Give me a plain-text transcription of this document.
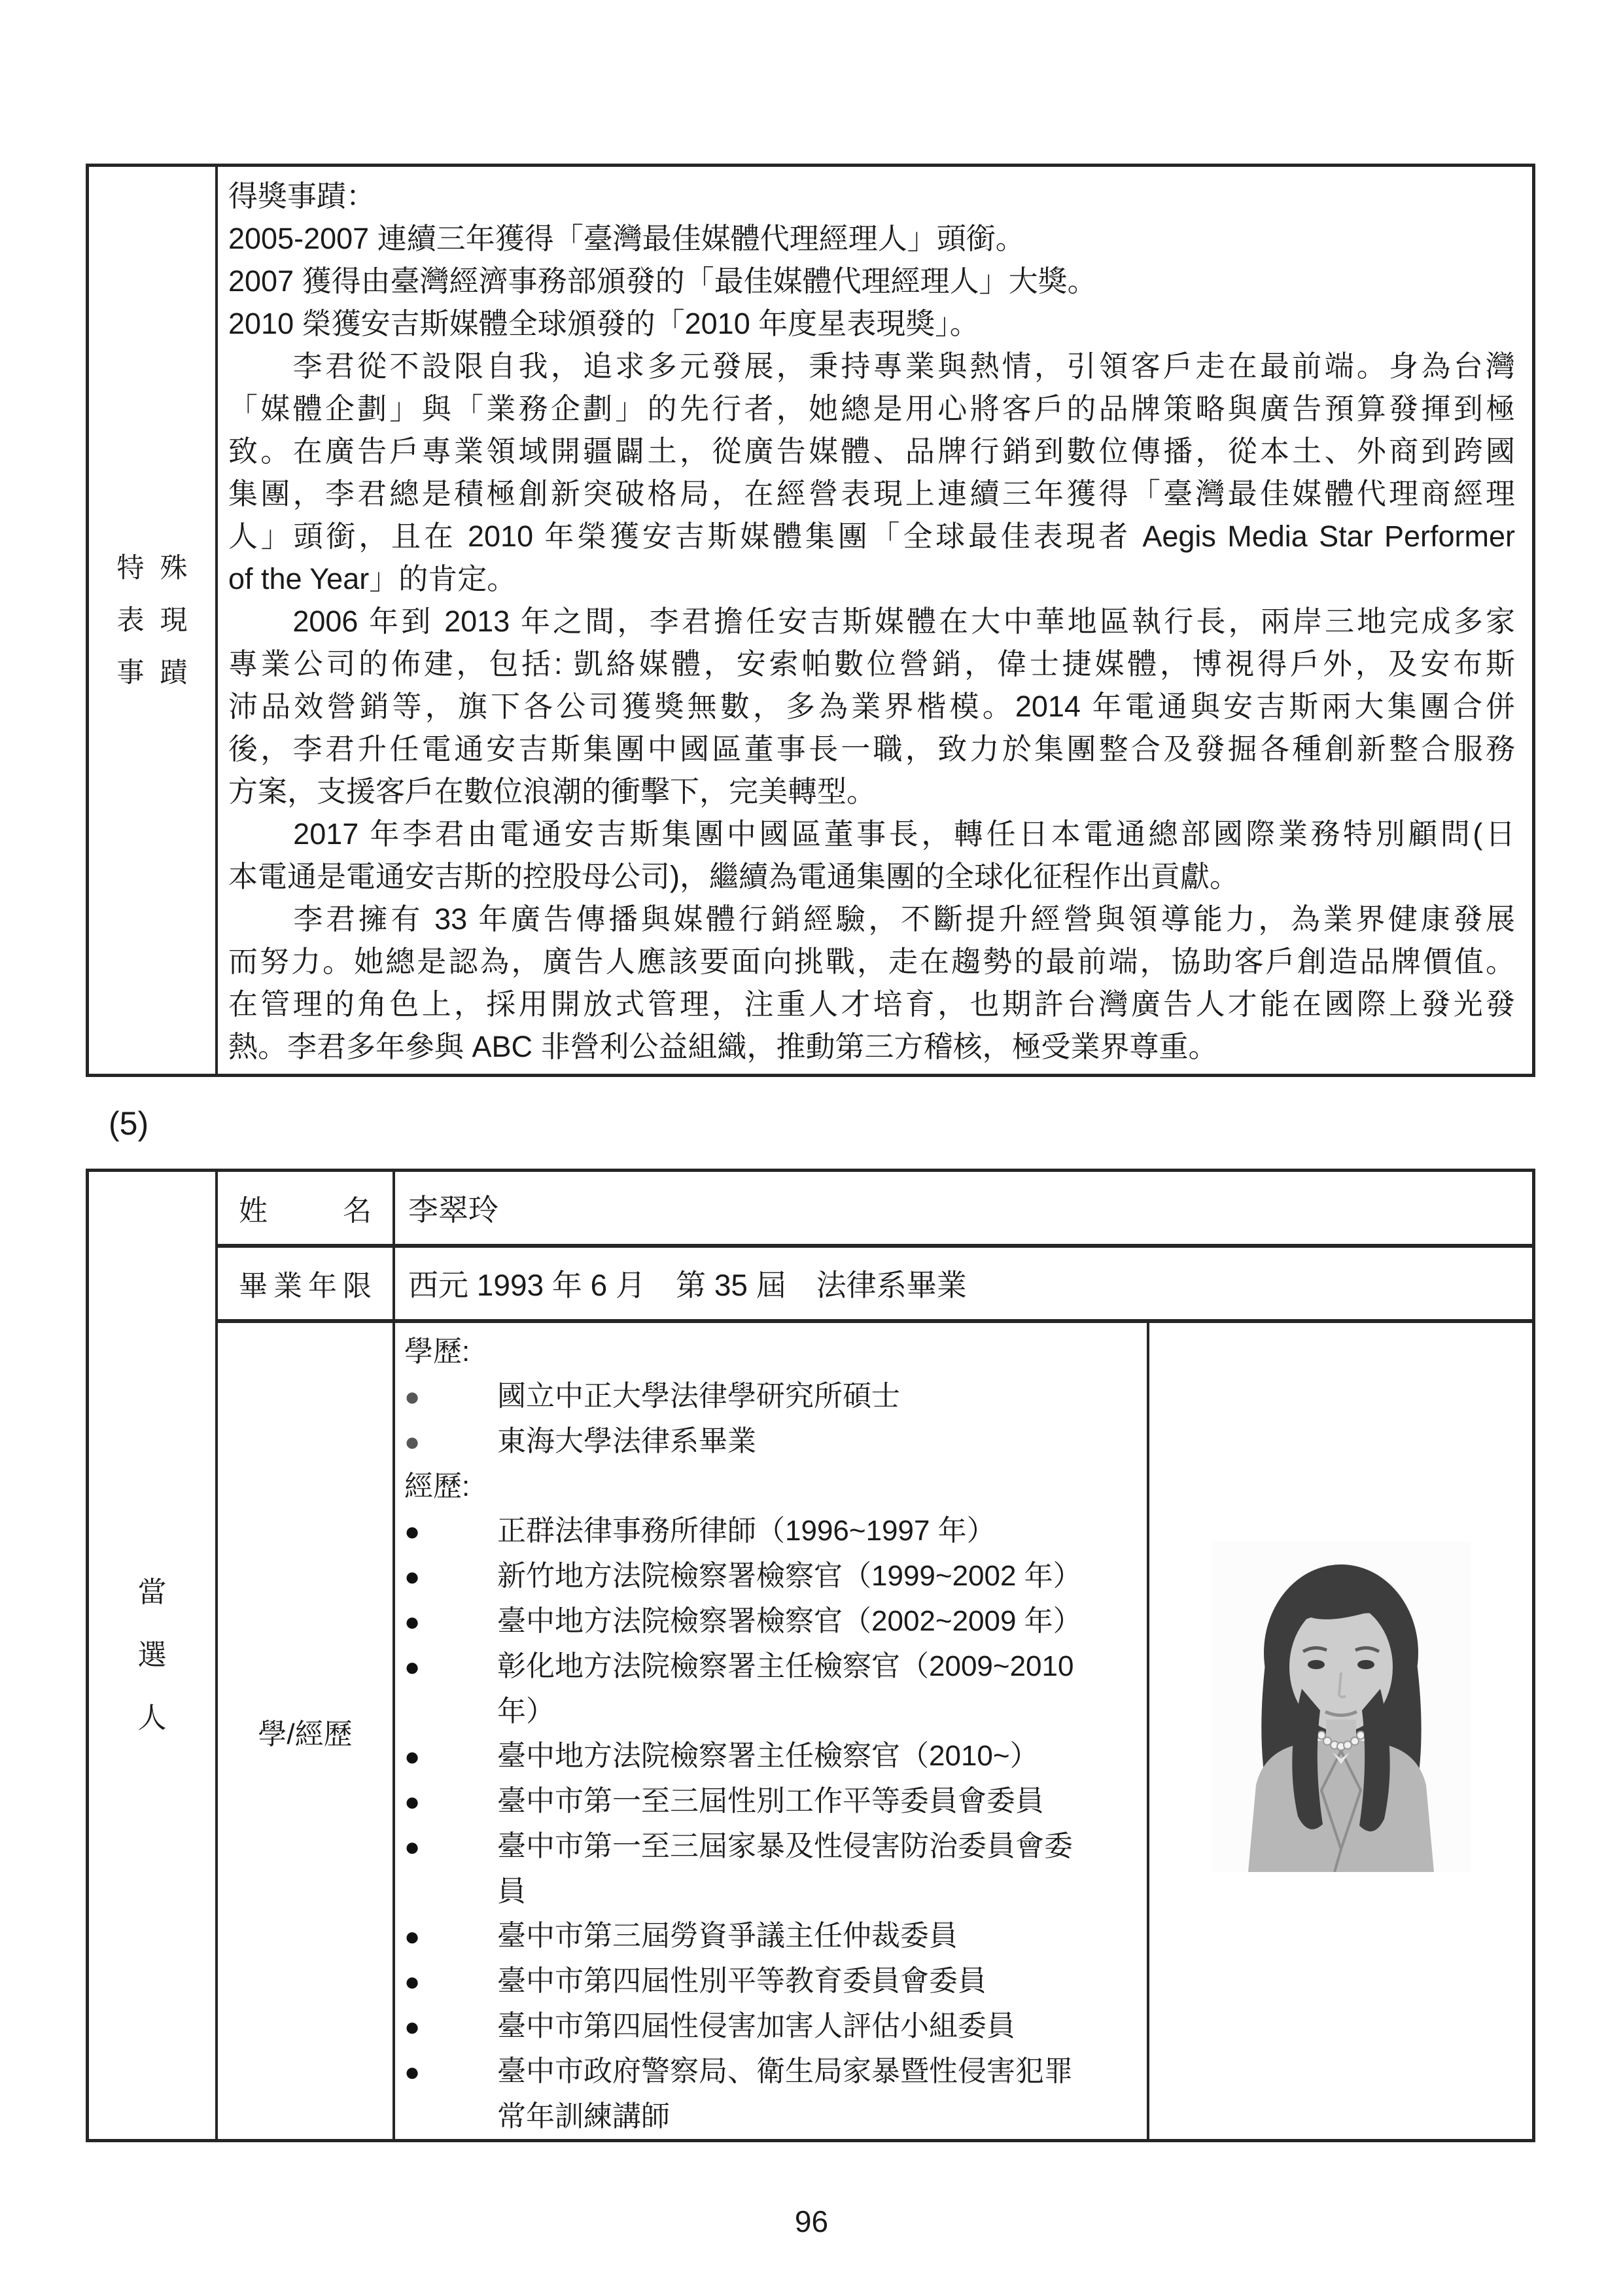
特 殊
表 現
事 蹟
得獎事蹟：
2005-2007 連續三年獲得「臺灣最佳媒體代理經理人」頭銜。
2007 獲得由臺灣經濟事務部頒發的「最佳媒體代理經理人」大獎。
2010 榮獲安吉斯媒體全球頒發的「2010 年度星表現獎」。
　　李君從不設限自我，追求多元發展，秉持專業與熱情，引領客戶走在最前端。身為台灣
「媒體企劃」與「業務企劃」的先行者，她總是用心將客戶的品牌策略與廣告預算發揮到極
致。在廣告戶專業領域開疆闢土，從廣告媒體、品牌行銷到數位傳播，從本土、外商到跨國
集團，李君總是積極創新突破格局，在經營表現上連續三年獲得「臺灣最佳媒體代理商經理
人」頭銜，且在 2010 年榮獲安吉斯媒體集團「全球最佳表現者 Aegis Media Star Performer
of the Year」的肯定。
　　2006 年到 2013 年之間，李君擔任安吉斯媒體在大中華地區執行長，兩岸三地完成多家
專業公司的佈建，包括: 凱絡媒體，安索帕數位營銷，偉士捷媒體，博視得戶外，及安布斯
沛品效營銷等，旗下各公司獲獎無數，多為業界楷模。2014 年電通與安吉斯兩大集團合併
後，李君升任電通安吉斯集團中國區董事長一職，致力於集團整合及發掘各種創新整合服務
方案，支援客戶在數位浪潮的衝擊下，完美轉型。
　　2017 年李君由電通安吉斯集團中國區董事長，轉任日本電通總部國際業務特別顧問(日
本電通是電通安吉斯的控股母公司)，繼續為電通集團的全球化征程作出貢獻。
　　李君擁有 33 年廣告傳播與媒體行銷經驗，不斷提升經營與領導能力，為業界健康發展
而努力。她總是認為，廣告人應該要面向挑戰，走在趨勢的最前端，協助客戶創造品牌價值。
在管理的角色上，採用開放式管理，注重人才培育，也期許台灣廣告人才能在國際上發光發
熱。李君多年參與 ABC 非營利公益組織，推動第三方稽核，極受業界尊重。
(5)
當
選
人
姓名	李翠玲
畢業年限	西元 1993 年 6 月　第 35 屆　法律系畢業
學/經歷
學歷:
●	國立中正大學法律學研究所碩士
●	東海大學法律系畢業
經歷:
●	正群法律事務所律師（1996~1997 年）
●	新竹地方法院檢察署檢察官（1999~2002 年）
●	臺中地方法院檢察署檢察官（2002~2009 年）
●	彰化地方法院檢察署主任檢察官（2009~2010
年）
●	臺中地方法院檢察署主任檢察官（2010~）
●	臺中市第一至三屆性別工作平等委員會委員
●	臺中市第一至三屆家暴及性侵害防治委員會委
員
●	臺中市第三屆勞資爭議主任仲裁委員
●	臺中市第四屆性別平等教育委員會委員
●	臺中市第四屆性侵害加害人評估小組委員
●	臺中市政府警察局、衛生局家暴暨性侵害犯罪
常年訓練講師
96
